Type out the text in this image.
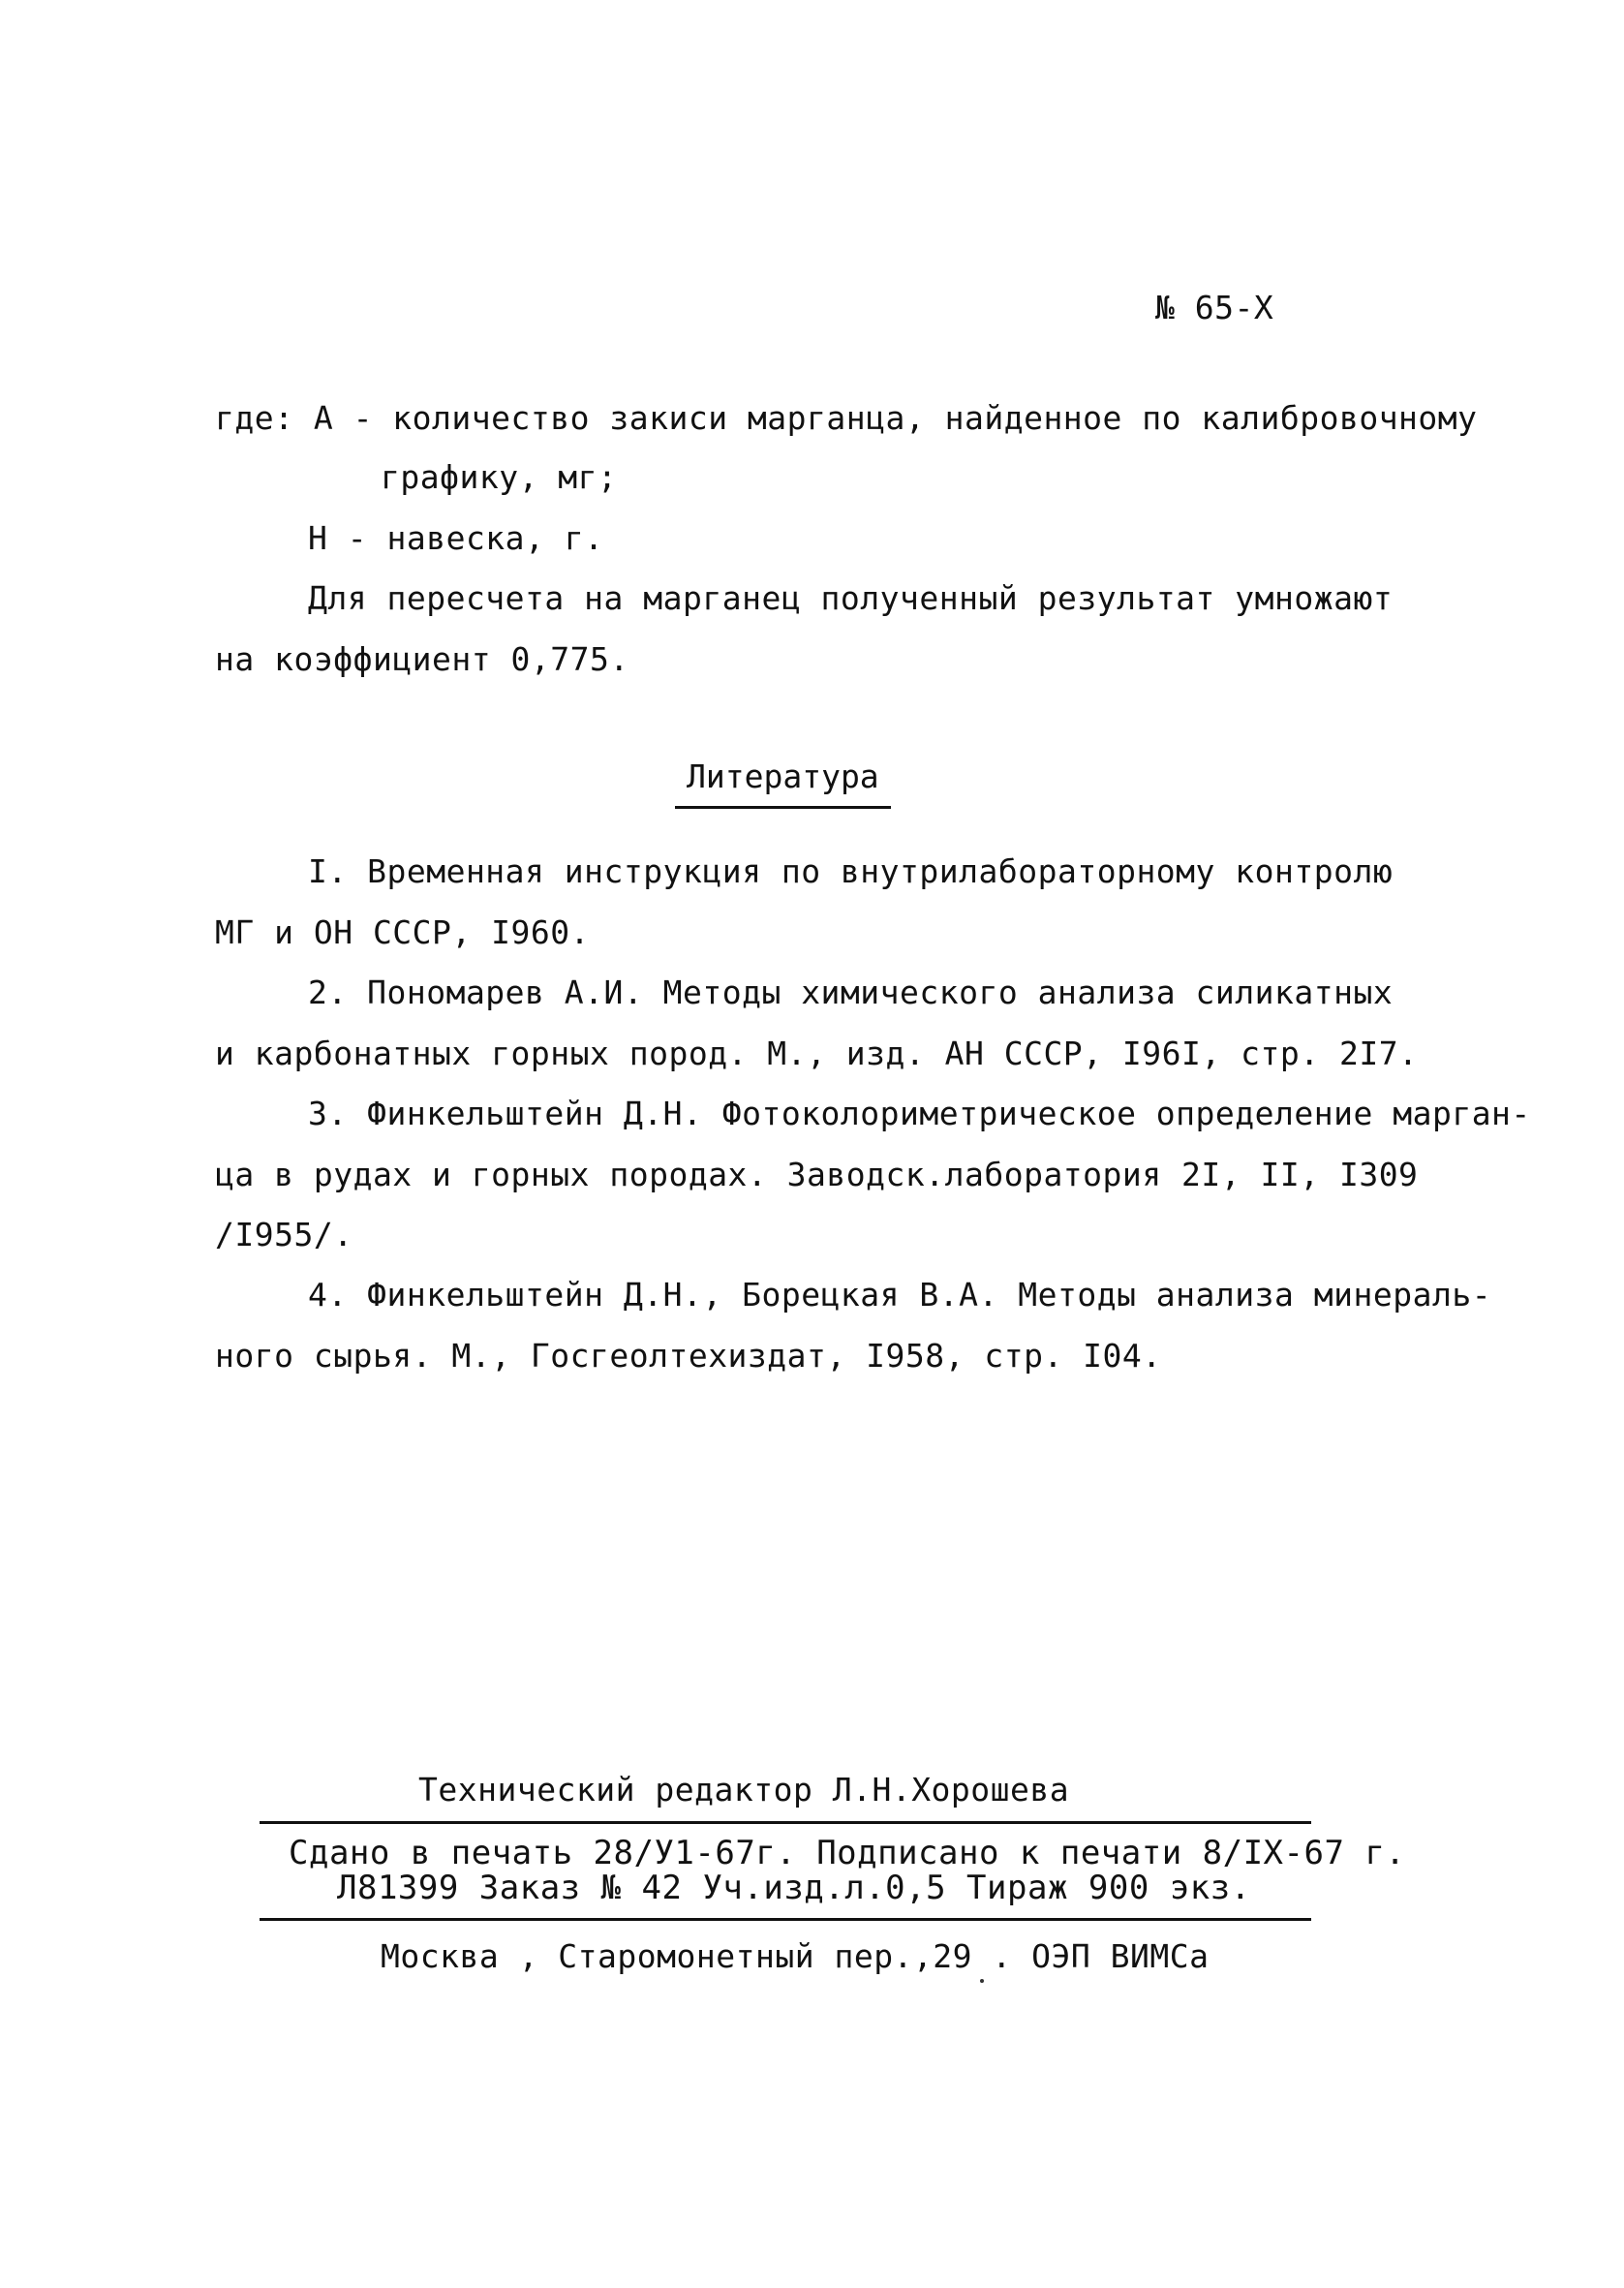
№ 65-Х
где: А - количество закиси марганца, найденное по калибровочному
графику, мг;
Н - навеска, г.
Для пересчета на марганец полученный результат умножают
на коэффициент 0,775.
Литература
I. Временная инструкция по внутрилабораторному контролю
МГ и ОН СССР, I960.
2. Пономарев А.И. Методы химического анализа силикатных
и карбонатных горных пород. М., изд. АН СССР, I96I, стр. 2I7.
3. Финкельштейн Д.Н. Фотоколориметрическое определение марган-
ца в рудах и горных породах. Заводск.лаборатория 2I, II, I309
/I955/.
4. Финкельштейн Д.Н., Борецкая В.А. Методы анализа минераль-
ного сырья. М., Госгеолтехиздат, I958, стр. I04.
Технический редактор Л.Н.Хорошева
Сдано в печать 28/У1-67г. Подписано к печати 8/IХ-67 г.
Л81399 Заказ № 42 Уч.изд.л.0,5 Тираж 900 экз.
Москва , Старомонетный пер.,29 . ОЭП ВИМСа
